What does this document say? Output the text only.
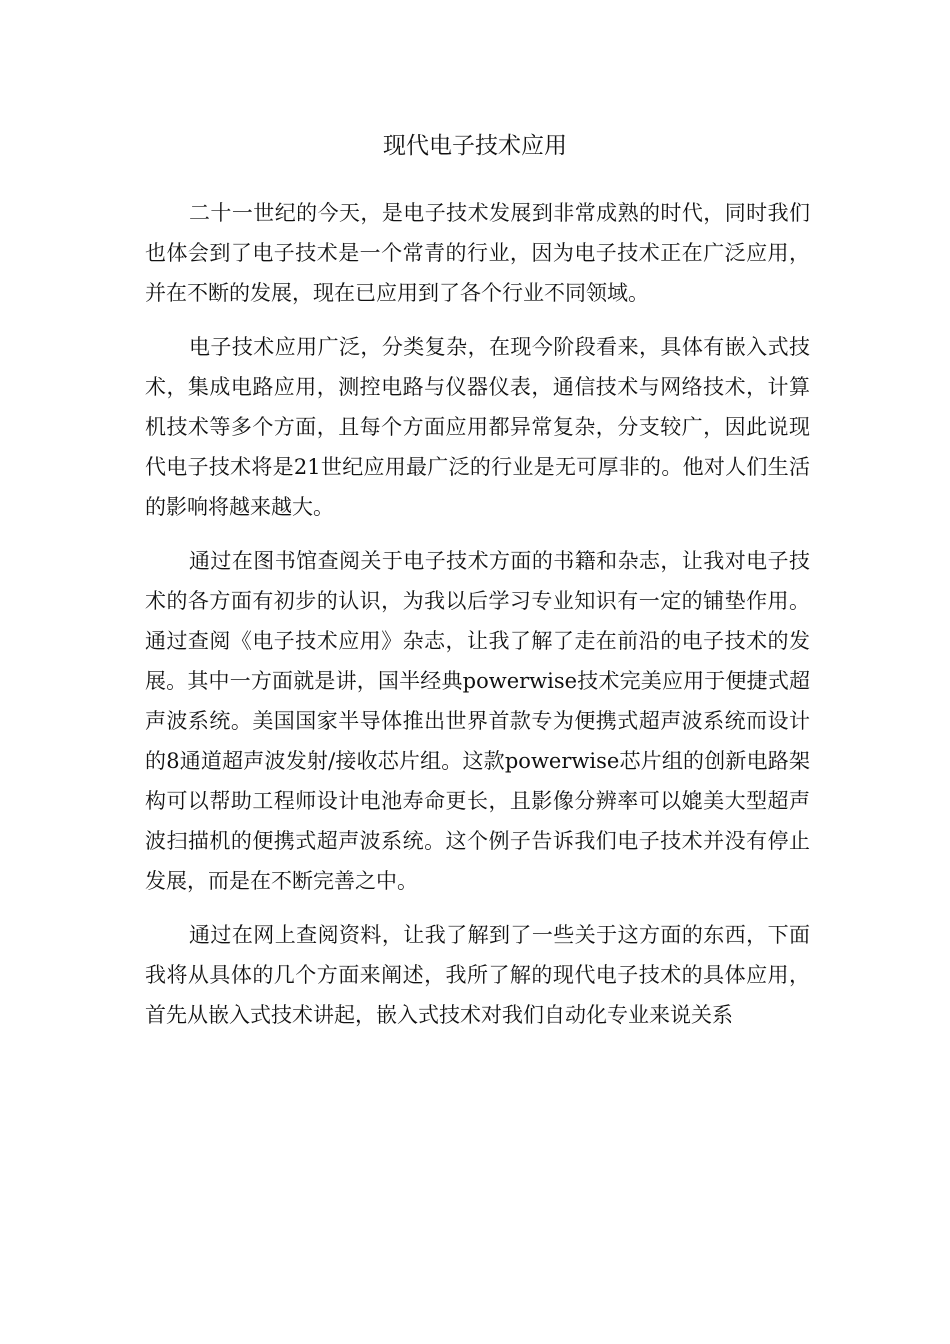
现代电子技术应用

二十一世纪的今天，是电子技术发展到非常成熟的时代，同时我们也体会到了电子技术是一个常青的行业，因为电子技术正在广泛应用，并在不断的发展，现在已应用到了各个行业不同领域。

电子技术应用广泛，分类复杂，在现今阶段看来，具体有嵌入式技术，集成电路应用，测控电路与仪器仪表，通信技术与网络技术，计算机技术等多个方面，且每个方面应用都异常复杂，分支较广，因此说现代电子技术将是21世纪应用最广泛的行业是无可厚非的。他对人们生活的影响将越来越大。

通过在图书馆查阅关于电子技术方面的书籍和杂志，让我对电子技术的各方面有初步的认识，为我以后学习专业知识有一定的铺垫作用。通过查阅《电子技术应用》杂志，让我了解了走在前沿的电子技术的发展。其中一方面就是讲，国半经典powerwise技术完美应用于便捷式超声波系统。美国国家半导体推出世界首款专为便携式超声波系统而设计的8通道超声波发射/接收芯片组。这款powerwise芯片组的创新电路架构可以帮助工程师设计电池寿命更长，且影像分辨率可以媲美大型超声波扫描机的便携式超声波系统。这个例子告诉我们电子技术并没有停止发展，而是在不断完善之中。

通过在网上查阅资料，让我了解到了一些关于这方面的东西，下面我将从具体的几个方面来阐述，我所了解的现代电子技术的具体应用，首先从嵌入式技术讲起，嵌入式技术对我们自动化专业来说关系
